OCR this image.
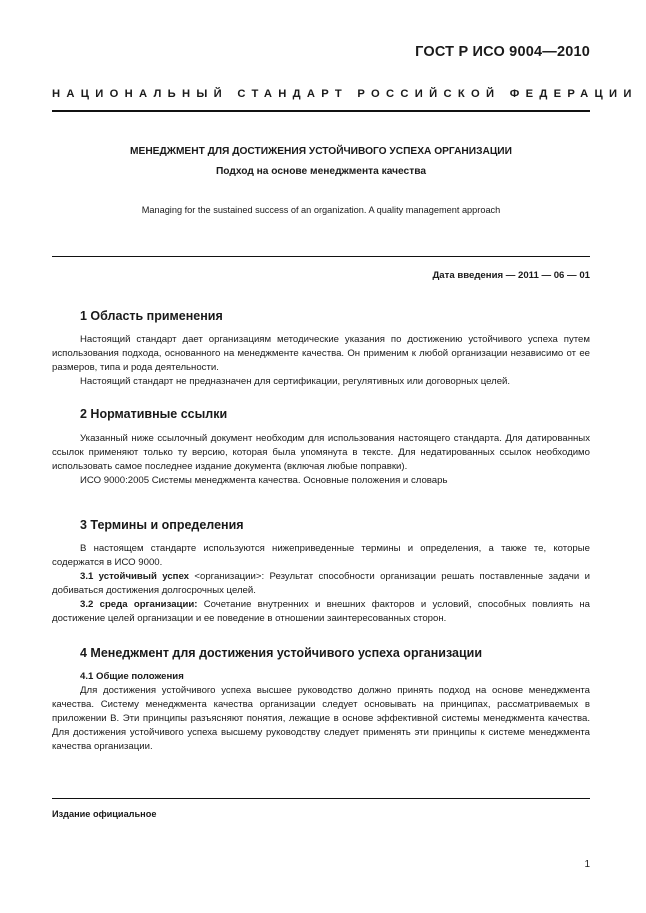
ГОСТ Р ИСО 9004—2010
НАЦИОНАЛЬНЫЙ СТАНДАРТ РОССИЙСКОЙ ФЕДЕРАЦИИ
МЕНЕДЖМЕНТ ДЛЯ ДОСТИЖЕНИЯ УСТОЙЧИВОГО УСПЕХА ОРГАНИЗАЦИИ
Подход на основе менеджмента качества
Managing for the sustained success of an organization. A quality management approach
Дата введения — 2011 — 06 — 01
1 Область применения

Настоящий стандарт дает организациям методические указания по достижению устойчивого успеха путем использования подхода, основанного на менеджменте качества. Он применим к любой организации независимо от ее размеров, типа и рода деятельности.

Настоящий стандарт не предназначен для сертификации, регулятивных или договорных целей.

2 Нормативные ссылки

Указанный ниже ссылочный документ необходим для использования настоящего стандарта. Для датированных ссылок применяют только ту версию, которая была упомянута в тексте. Для недатированных ссылок необходимо использовать самое последнее издание документа (включая любые поправки).

ИСО 9000:2005 Системы менеджмента качества. Основные положения и словарь

3 Термины и определения

В настоящем стандарте используются нижеприведенные термины и определения, а также те, которые содержатся в ИСО 9000.

3.1 устойчивый успех <организации>: Результат способности организации решать поставленные задачи и добиваться достижения долгосрочных целей.

3.2 среда организации: Сочетание внутренних и внешних факторов и условий, способных повлиять на достижение целей организации и ее поведение в отношении заинтересованных сторон.

4 Менеджмент для достижения устойчивого успеха организации
4.1 Общие положения

Для достижения устойчивого успеха высшее руководство должно принять подход на основе менеджмента качества. Систему менеджмента качества организации следует основывать на принципах, рассматриваемых в приложении В. Эти принципы разъясняют понятия, лежащие в основе эффективной системы менеджмента качества. Для достижения устойчивого успеха высшему руководству следует применять эти принципы к системе менеджмента качества организации.

Издание официальное
1
